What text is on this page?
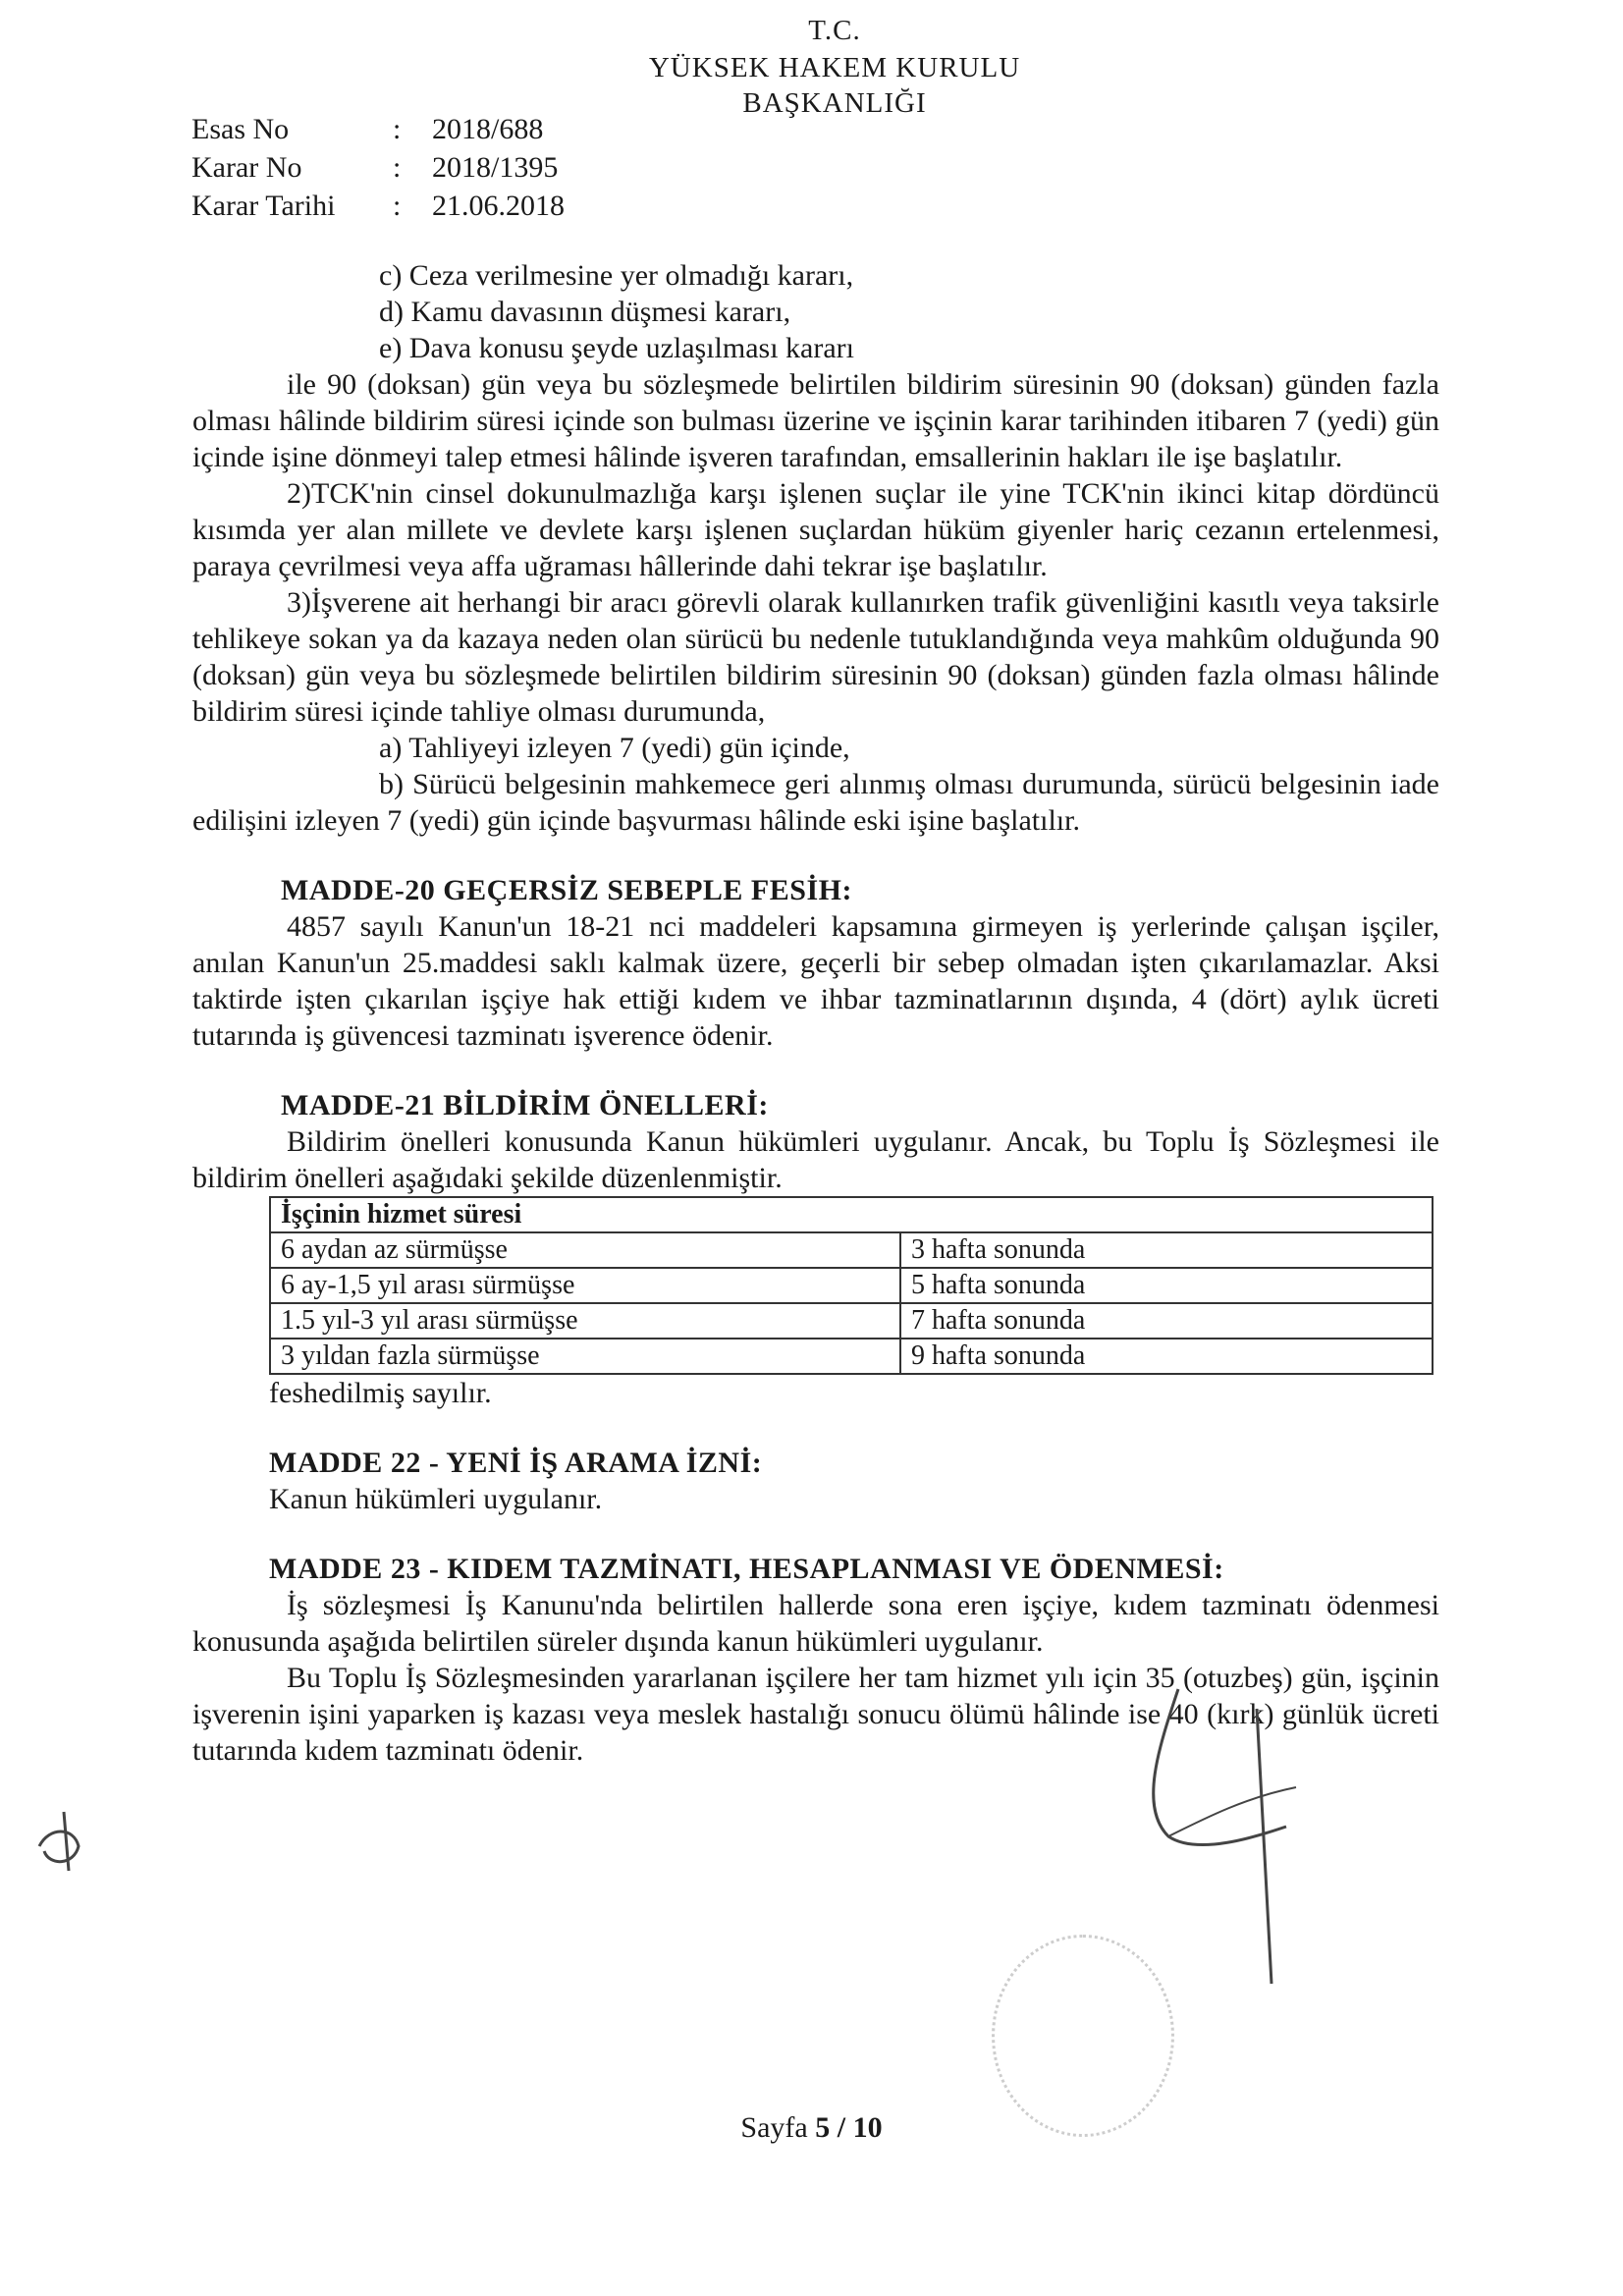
T.C.
YÜKSEK HAKEM KURULU
BAŞKANLIĞI
Esas No	:	2018/688
Karar No	:	2018/1395
Karar Tarihi	:	21.06.2018

c) Ceza verilmesine yer olmadığı kararı,

d) Kamu davasının düşmesi kararı,

e) Dava konusu şeyde uzlaşılması kararı

ile 90 (doksan) gün veya bu sözleşmede belirtilen bildirim süresinin 90 (doksan) günden fazla olması hâlinde bildirim süresi içinde son bulması üzerine ve işçinin karar tarihinden itibaren 7 (yedi) gün içinde işine dönmeyi talep etmesi hâlinde işveren tarafından, emsallerinin hakları ile işe başlatılır.

2)TCK'nin cinsel dokunulmazlığa karşı işlenen suçlar ile yine TCK'nin ikinci kitap dördüncü kısımda yer alan millete ve devlete karşı işlenen suçlardan hüküm giyenler hariç cezanın ertelenmesi, paraya çevrilmesi veya affa uğraması hâllerinde dahi tekrar işe başlatılır.

3)İşverene ait herhangi bir aracı görevli olarak kullanırken trafik güvenliğini kasıtlı veya taksirle tehlikeye sokan ya da kazaya neden olan sürücü bu nedenle tutuklandığında veya mahkûm olduğunda 90 (doksan) gün veya bu sözleşmede belirtilen bildirim süresinin 90 (doksan) günden fazla olması hâlinde bildirim süresi içinde tahliye olması durumunda,

a) Tahliyeyi izleyen 7 (yedi) gün içinde,

b) Sürücü belgesinin mahkemece geri alınmış olması durumunda, sürücü belgesinin iade edilişini izleyen 7 (yedi) gün içinde başvurması hâlinde eski işine başlatılır.

MADDE-20 GEÇERSİZ SEBEPLE FESİH:

4857 sayılı Kanun'un 18-21 nci maddeleri kapsamına girmeyen iş yerlerinde çalışan işçiler, anılan Kanun'un 25.maddesi saklı kalmak üzere, geçerli bir sebep olmadan işten çıkarılamazlar. Aksi taktirde işten çıkarılan işçiye hak ettiği kıdem ve ihbar tazminatlarının dışında, 4 (dört) aylık ücreti tutarında iş güvencesi tazminatı işverence ödenir.

MADDE-21 BİLDİRİM ÖNELLERİ:

Bildirim önelleri konusunda Kanun hükümleri uygulanır. Ancak, bu Toplu İş Sözleşmesi ile bildirim önelleri aşağıdaki şekilde düzenlenmiştir.

İşçinin hizmet süresi	
6 aydan az sürmüşse	3 hafta sonunda
6 ay-1,5 yıl arası sürmüşse	5 hafta sonunda
1.5 yıl-3 yıl arası sürmüşse	7 hafta sonunda
3 yıldan fazla sürmüşse	9 hafta sonunda

feshedilmiş sayılır.

MADDE 22 - YENİ İŞ ARAMA İZNİ:

Kanun hükümleri uygulanır.

MADDE 23 - KIDEM TAZMİNATI, HESAPLANMASI VE ÖDENMESİ:

İş sözleşmesi İş Kanunu'nda belirtilen hallerde sona eren işçiye, kıdem tazminatı ödenmesi konusunda aşağıda belirtilen süreler dışında kanun hükümleri uygulanır.

Bu Toplu İş Sözleşmesinden yararlanan işçilere her tam hizmet yılı için 35 (otuzbeş) gün, işçinin işverenin işini yaparken iş kazası veya meslek hastalığı sonucu ölümü hâlinde ise 40 (kırk) günlük ücreti tutarında kıdem tazminatı ödenir.

Sayfa 5 / 10
